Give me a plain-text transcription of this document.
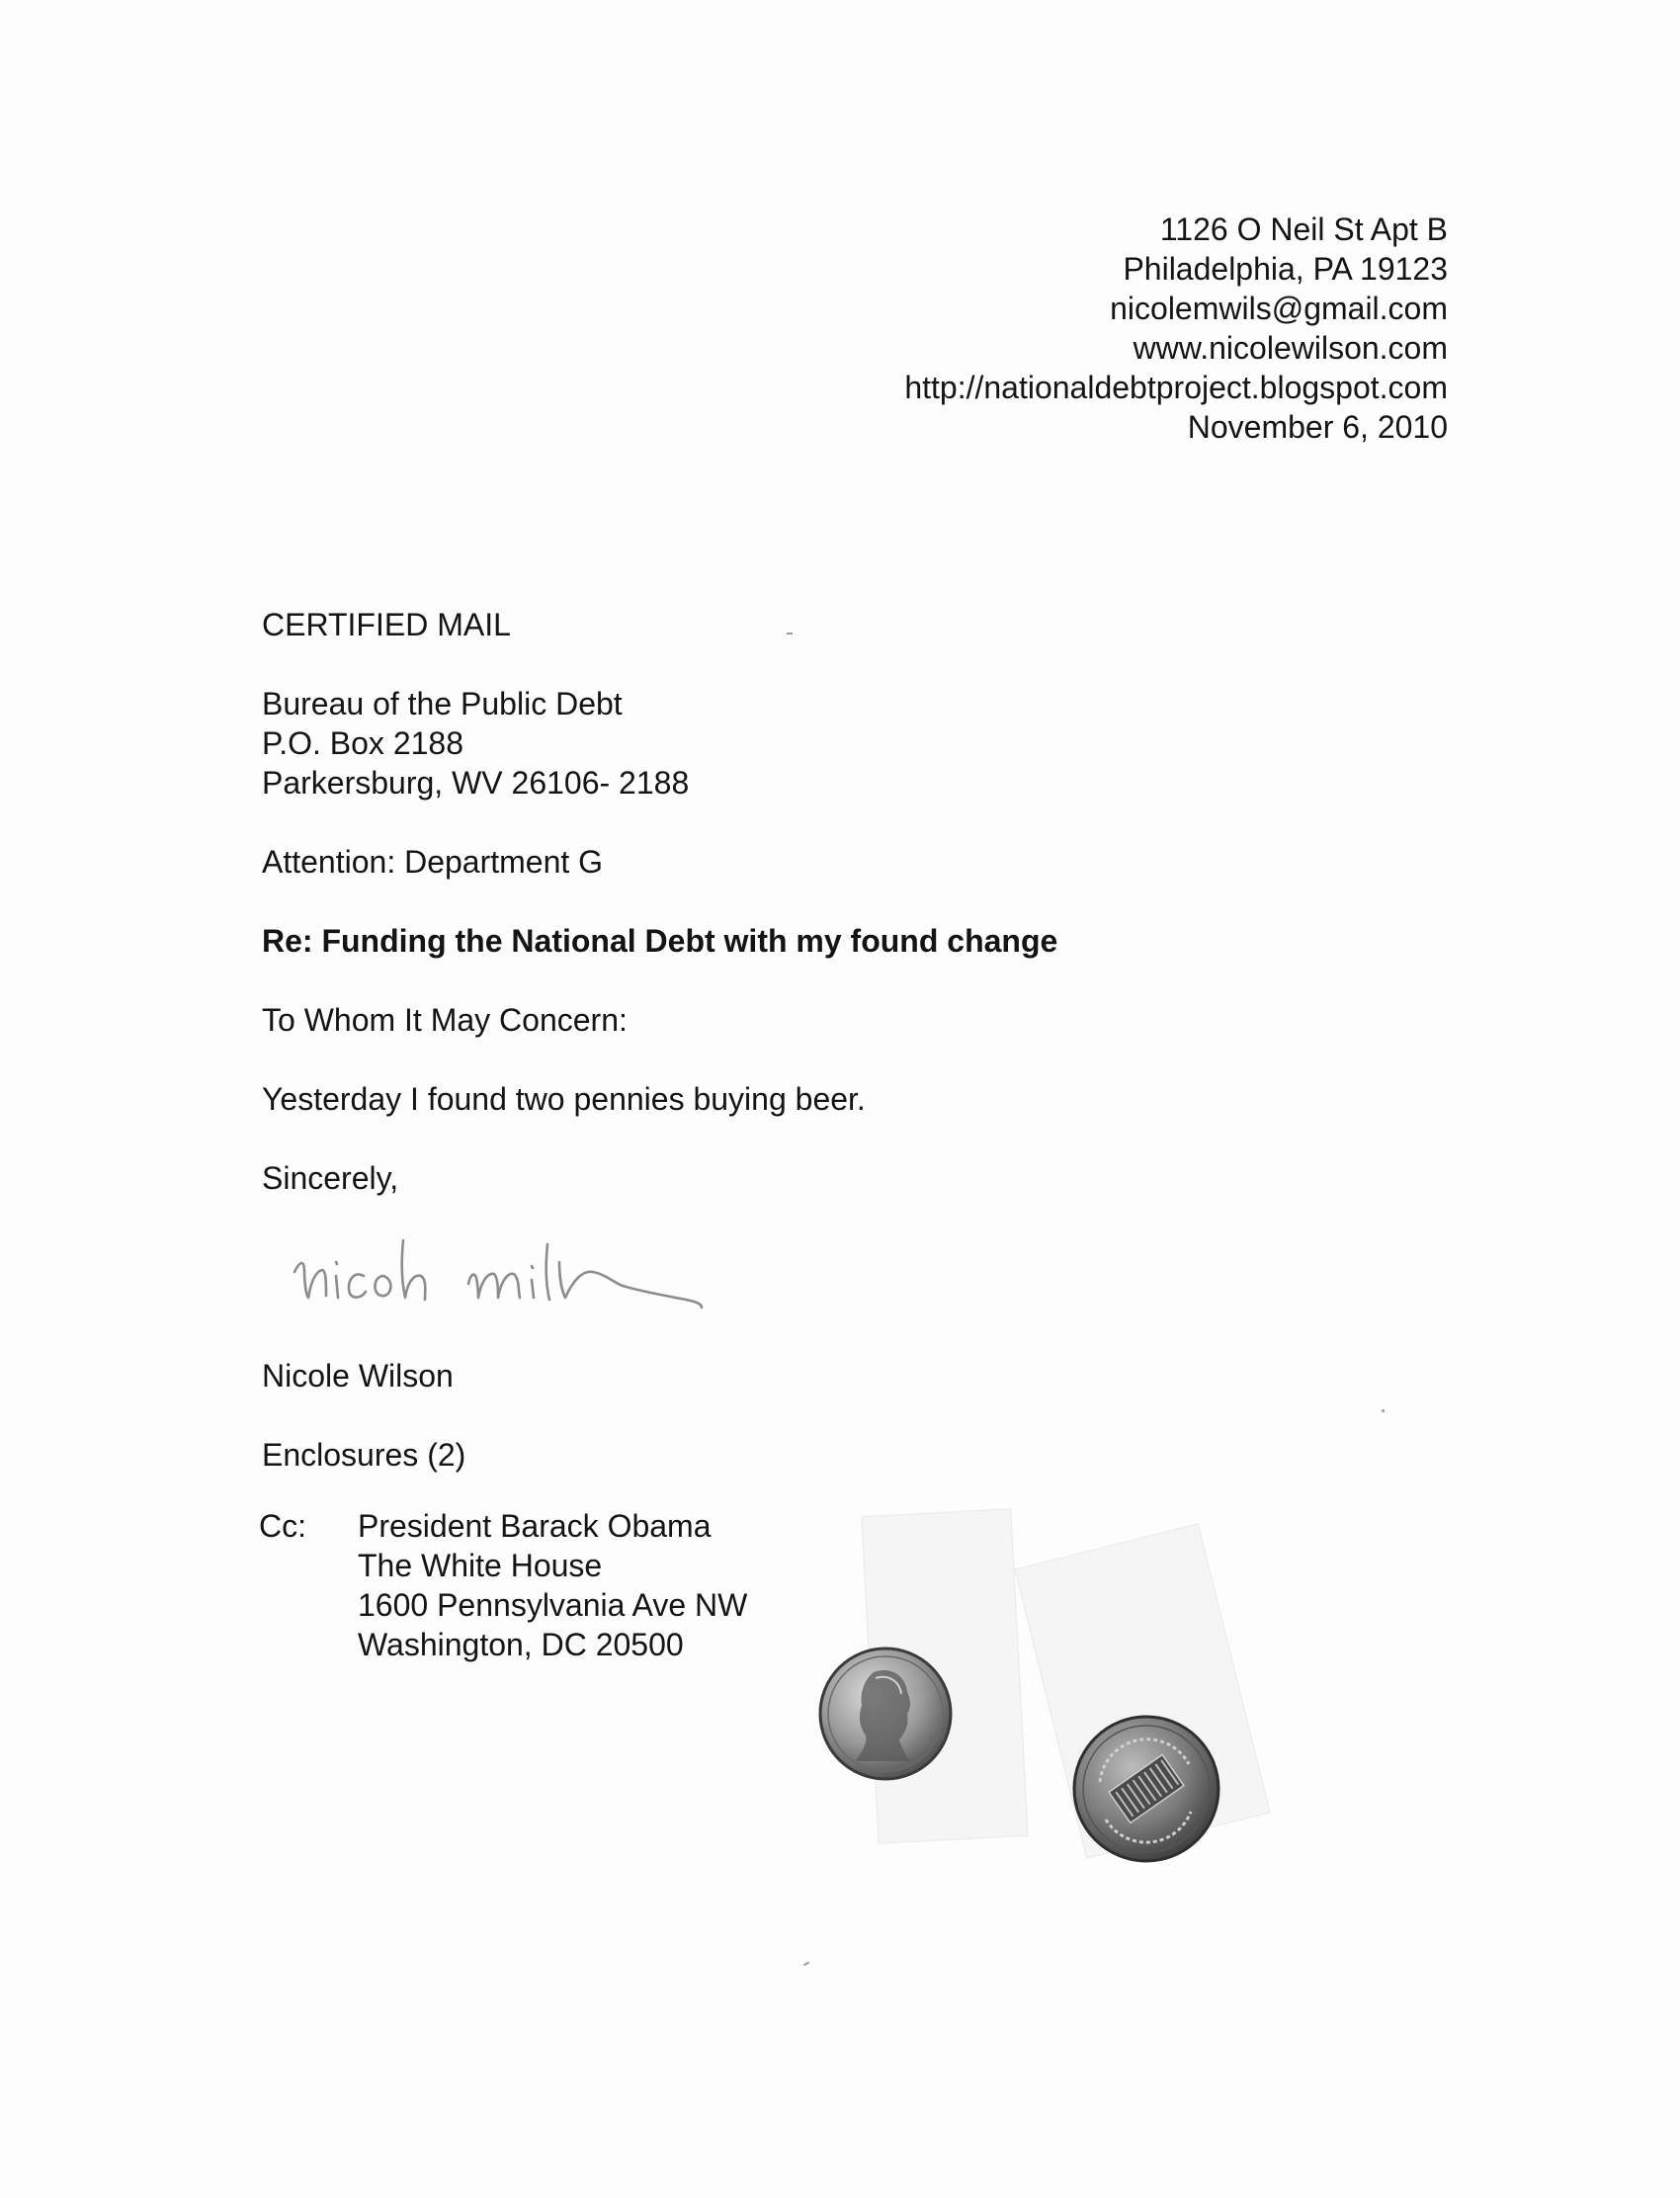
1126 O Neil St Apt B
Philadelphia, PA 19123
nicolemwils@gmail.com
www.nicolewilson.com
http://nationaldebtproject.blogspot.com
November 6, 2010
CERTIFIED MAIL
Bureau of the Public Debt
P.O. Box 2188
Parkersburg, WV 26106- 2188
Attention: Department G
Re: Funding the National Debt with my found change
To Whom It May Concern:
Yesterday I found two pennies buying beer.
Sincerely,
Nicole Wilson
Enclosures (2)
Cc: President Barack Obama
The White House
1600 Pennsylvania Ave NW
Washington, DC 20500
